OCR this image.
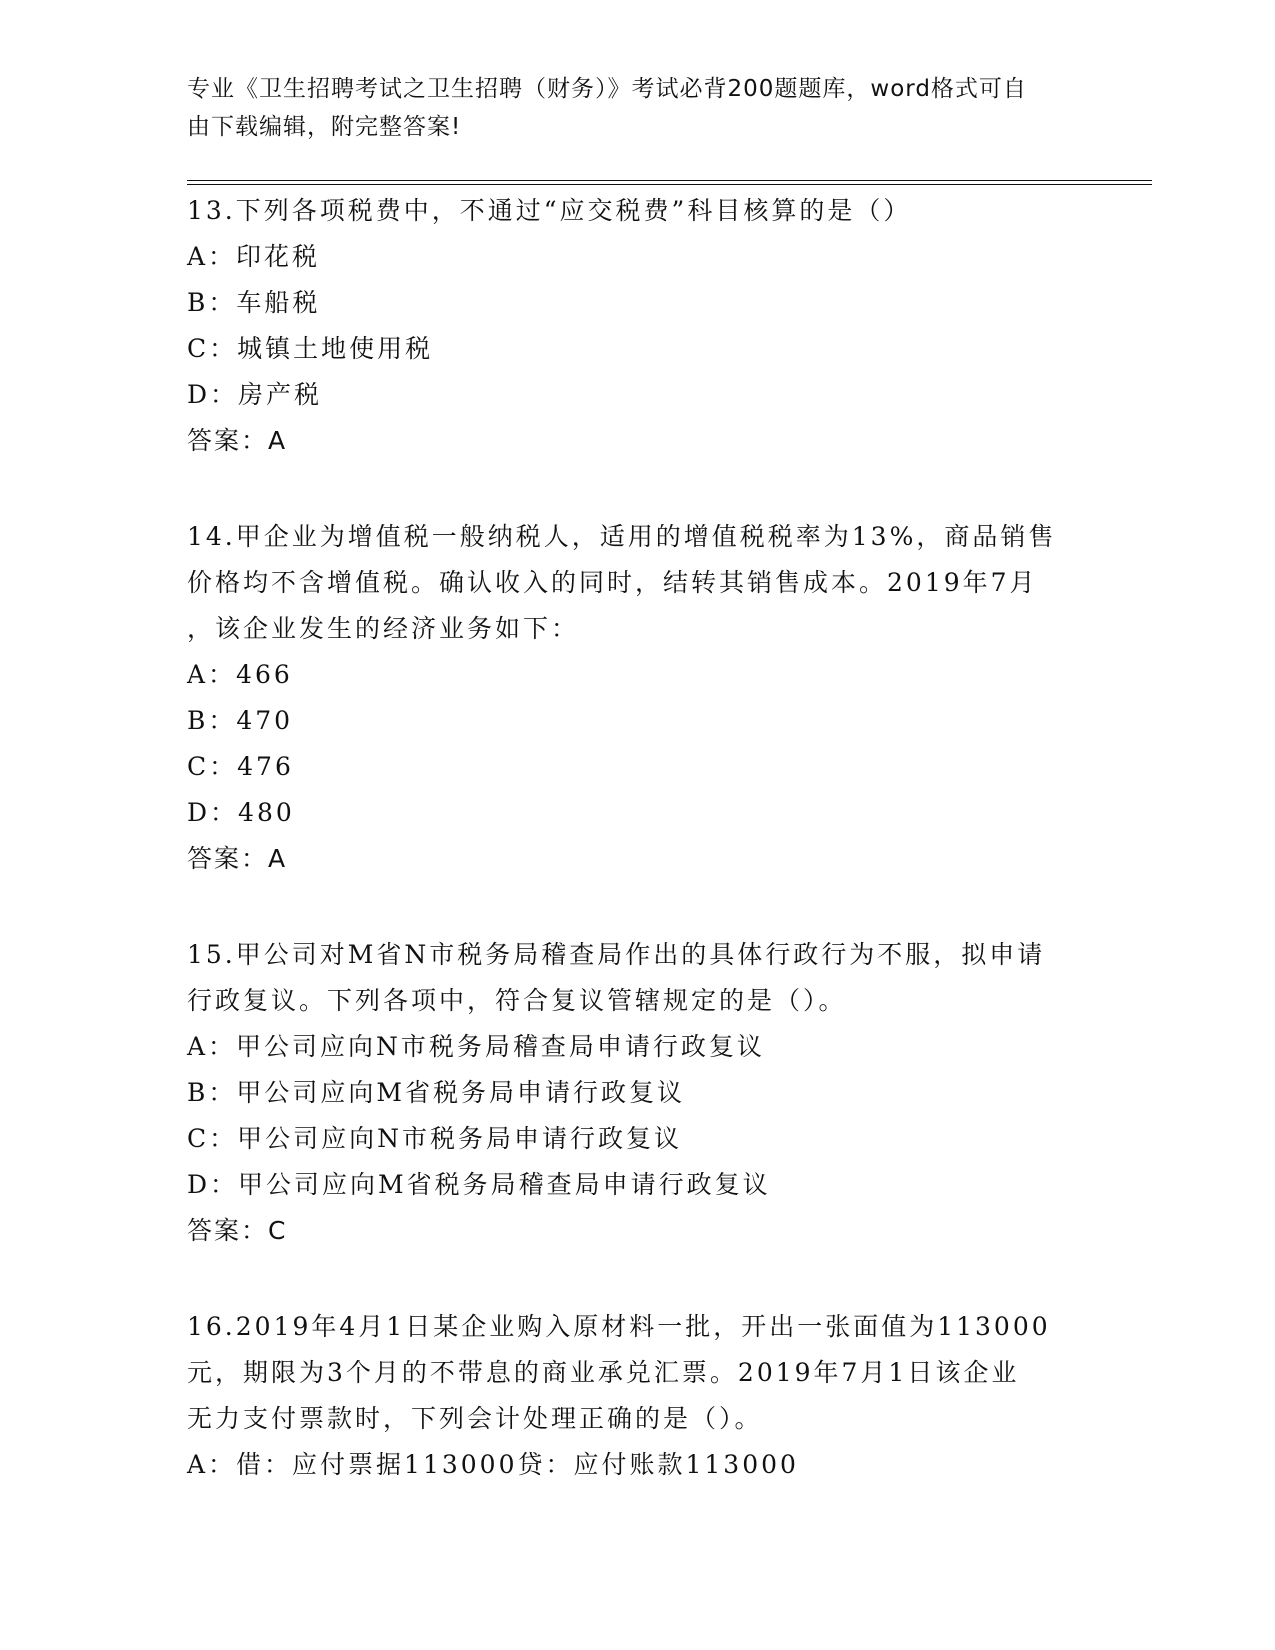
专业《卫生招聘考试之卫生招聘（财务）》考试必背200题题库，word格式可自
由下载编辑，附完整答案!
13.下列各项税费中，不通过“应交税费”科目核算的是（）
A：印花税
B：车船税
C：城镇土地使用税
D：房产税
答案：A
14.甲企业为增值税一般纳税人，适用的增值税税率为13%，商品销售
价格均不含增值税。确认收入的同时，结转其销售成本。2019年7月
，该企业发生的经济业务如下：
A：466
B：470
C：476
D：480
答案：A
15.甲公司对M省N市税务局稽查局作出的具体行政行为不服，拟申请
行政复议。下列各项中，符合复议管辖规定的是（）。
A：甲公司应向N市税务局稽查局申请行政复议
B：甲公司应向M省税务局申请行政复议
C：甲公司应向N市税务局申请行政复议
D：甲公司应向M省税务局稽查局申请行政复议
答案：C
16.2019年4月1日某企业购入原材料一批，开出一张面值为113000
元，期限为3个月的不带息的商业承兑汇票。2019年7月1日该企业
无力支付票款时，下列会计处理正确的是（）。
A：借：应付票据113000贷：应付账款113000
